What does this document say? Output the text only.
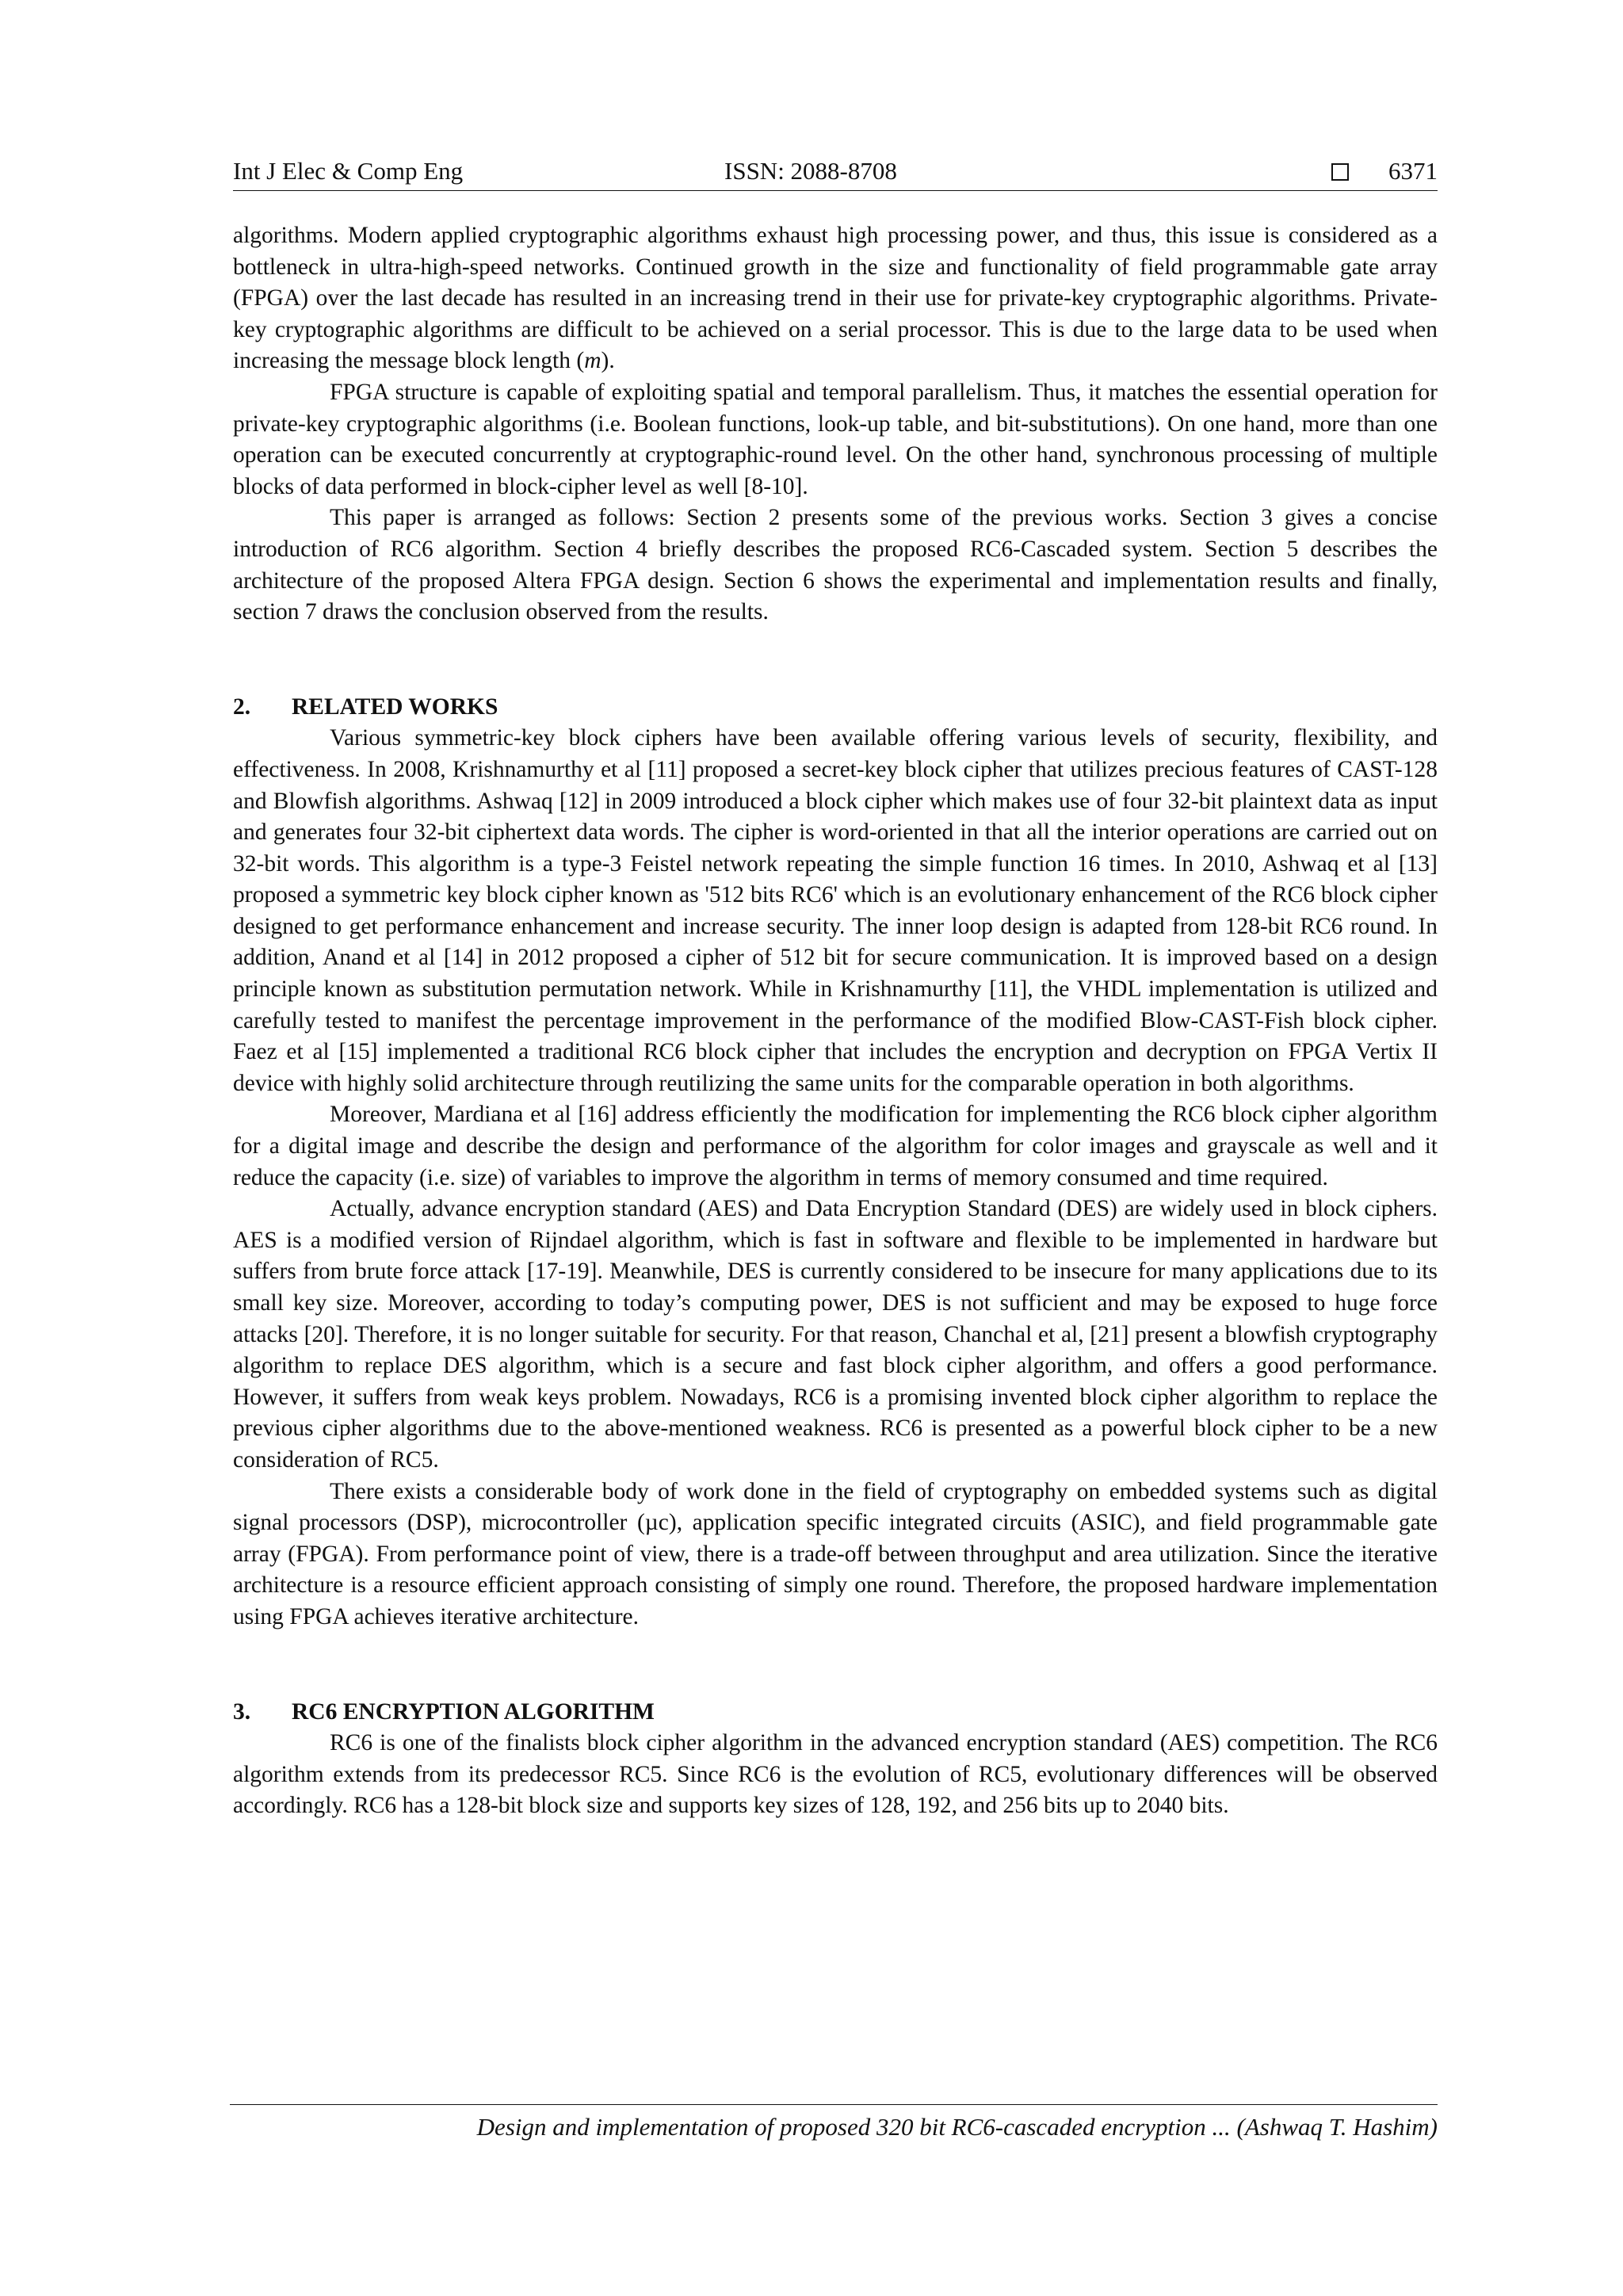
Int J Elec & Comp Eng	ISSN: 2088-8708	6371

algorithms. Modern applied cryptographic algorithms exhaust high processing power, and thus, this issue is considered as a bottleneck in ultra-high-speed networks. Continued growth in the size and functionality of field programmable gate array (FPGA) over the last decade has resulted in an increasing trend in their use for private-key cryptographic algorithms. Private-key cryptographic algorithms are difficult to be achieved on a serial processor. This is due to the large data to be used when increasing the message block length (m).

FPGA structure is capable of exploiting spatial and temporal parallelism. Thus, it matches the essential operation for private-key cryptographic algorithms (i.e. Boolean functions, look-up table, and bit-substitutions). On one hand, more than one operation can be executed concurrently at cryptographic-round level. On the other hand, synchronous processing of multiple blocks of data performed in block-cipher level as well [8-10].

This paper is arranged as follows: Section 2 presents some of the previous works. Section 3 gives a concise introduction of RC6 algorithm. Section 4 briefly describes the proposed RC6-Cascaded system. Section 5 describes the architecture of the proposed Altera FPGA design. Section 6 shows the experimental and implementation results and finally, section 7 draws the conclusion observed from the results.

2. RELATED WORKS

Various symmetric-key block ciphers have been available offering various levels of security, flexibility, and effectiveness. In 2008, Krishnamurthy et al [11] proposed a secret-key block cipher that utilizes precious features of CAST-128 and Blowfish algorithms. Ashwaq [12] in 2009 introduced a block cipher which makes use of four 32-bit plaintext data as input and generates four 32-bit ciphertext data words. The cipher is word-oriented in that all the interior operations are carried out on 32-bit words. This algorithm is a type-3 Feistel network repeating the simple function 16 times. In 2010, Ashwaq et al [13] proposed a symmetric key block cipher known as '512 bits RC6' which is an evolutionary enhancement of the RC6 block cipher designed to get performance enhancement and increase security. The inner loop design is adapted from 128-bit RC6 round. In addition, Anand et al [14] in 2012 proposed a cipher of 512 bit for secure communication. It is improved based on a design principle known as substitution permutation network. While in Krishnamurthy [11], the VHDL implementation is utilized and carefully tested to manifest the percentage improvement in the performance of the modified Blow-CAST-Fish block cipher. Faez et al [15] implemented a traditional RC6 block cipher that includes the encryption and decryption on FPGA Vertix II device with highly solid architecture through reutilizing the same units for the comparable operation in both algorithms.

Moreover, Mardiana et al [16] address efficiently the modification for implementing the RC6 block cipher algorithm for a digital image and describe the design and performance of the algorithm for color images and grayscale as well and it reduce the capacity (i.e. size) of variables to improve the algorithm in terms of memory consumed and time required.

Actually, advance encryption standard (AES) and Data Encryption Standard (DES) are widely used in block ciphers. AES is a modified version of Rijndael algorithm, which is fast in software and flexible to be implemented in hardware but suffers from brute force attack [17-19]. Meanwhile, DES is currently considered to be insecure for many applications due to its small key size. Moreover, according to today’s computing power, DES is not sufficient and may be exposed to huge force attacks [20]. Therefore, it is no longer suitable for security. For that reason, Chanchal et al, [21] present a blowfish cryptography algorithm to replace DES algorithm, which is a secure and fast block cipher algorithm, and offers a good performance. However, it suffers from weak keys problem. Nowadays, RC6 is a promising invented block cipher algorithm to replace the previous cipher algorithms due to the above-mentioned weakness. RC6 is presented as a powerful block cipher to be a new consideration of RC5.

There exists a considerable body of work done in the field of cryptography on embedded systems such as digital signal processors (DSP), microcontroller (µc), application specific integrated circuits (ASIC), and field programmable gate array (FPGA). From performance point of view, there is a trade-off between throughput and area utilization. Since the iterative architecture is a resource efficient approach consisting of simply one round. Therefore, the proposed hardware implementation using FPGA achieves iterative architecture.

3. RC6 ENCRYPTION ALGORITHM

RC6 is one of the finalists block cipher algorithm in the advanced encryption standard (AES) competition. The RC6 algorithm extends from its predecessor RC5. Since RC6 is the evolution of RC5, evolutionary differences will be observed accordingly. RC6 has a 128-bit block size and supports key sizes of 128, 192, and 256 bits up to 2040 bits.

Design and implementation of proposed 320 bit RC6-cascaded encryption ... (Ashwaq T. Hashim)
